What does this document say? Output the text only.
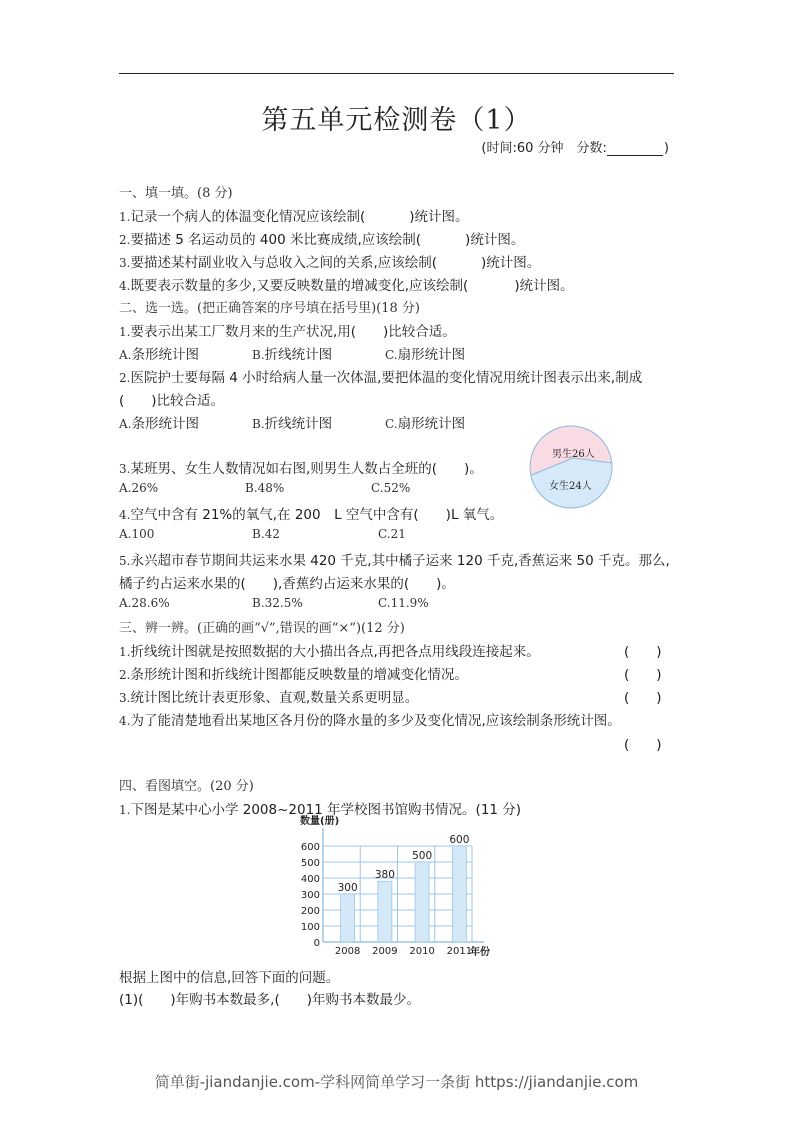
第五单元检测卷（1）
(时间:60 分钟　分数:	)
一、填一填。(8 分)
1.记录一个病人的体温变化情况应该绘制(	)统计图。
2.要描述 5 名运动员的 400 米比赛成绩,应该绘制(	)统计图。
3.要描述某村副业收入与总收入之间的关系,应该绘制(	)统计图。
4.既要表示数量的多少,又要反映数量的增减变化,应该绘制(	)统计图。
二、选一选。(把正确答案的序号填在括号里)(18 分)
1.要表示出某工厂数月来的生产状况,用(　　)比较合适。
A.条形统计图	B.折线统计图	C.扇形统计图
2.医院护士要每隔 4 小时给病人量一次体温,要把体温的变化情况用统计图表示出来,制成
(　　)比较合适。
A.条形统计图	B.折线统计图	C.扇形统计图
3.某班男、女生人数情况如右图,则男生人数占全班的(　　)。
A.26%	B.48%	C.52%
男生26人
女生24人
4.空气中含有 21%的氧气,在 200　L 空气中含有(　　)L 氧气。
A.100	B.42	C.21
5.永兴超市春节期间共运来水果 420 千克,其中橘子运来 120 千克,香蕉运来 50 千克。那么,
橘子约占运来水果的(　　),香蕉约占运来水果的(　　)。
A.28.6%	B.32.5%	C.11.9%
三、辨一辨。(正确的画“√”,错误的画“×”)(12 分)
1.折线统计图就是按照数据的大小描出各点,再把各点用线段连接起来。	(　　)
2.条形统计图和折线统计图都能反映数量的增减变化情况。	(　　)
3.统计图比统计表更形象、直观,数量关系更明显。	(　　)
4.为了能清楚地看出某地区各月份的降水量的多少及变化情况,应该绘制条形统计图。
(　　)
四、看图填空。(20 分)
1.下图是某中心小学 2008~2011 年学校图书馆购书情况。(11 分)
数量(册)
0
100
200
300
400
500
600
300
2008
380
2009
500
2010
600
2011
年份
根据上图中的信息,回答下面的问题。
(1)(　　)年购书本数最多,(　　)年购书本数最少。
简单街-jiandanjie.com-学科网简单学习一条街 https://jiandanjie.com
